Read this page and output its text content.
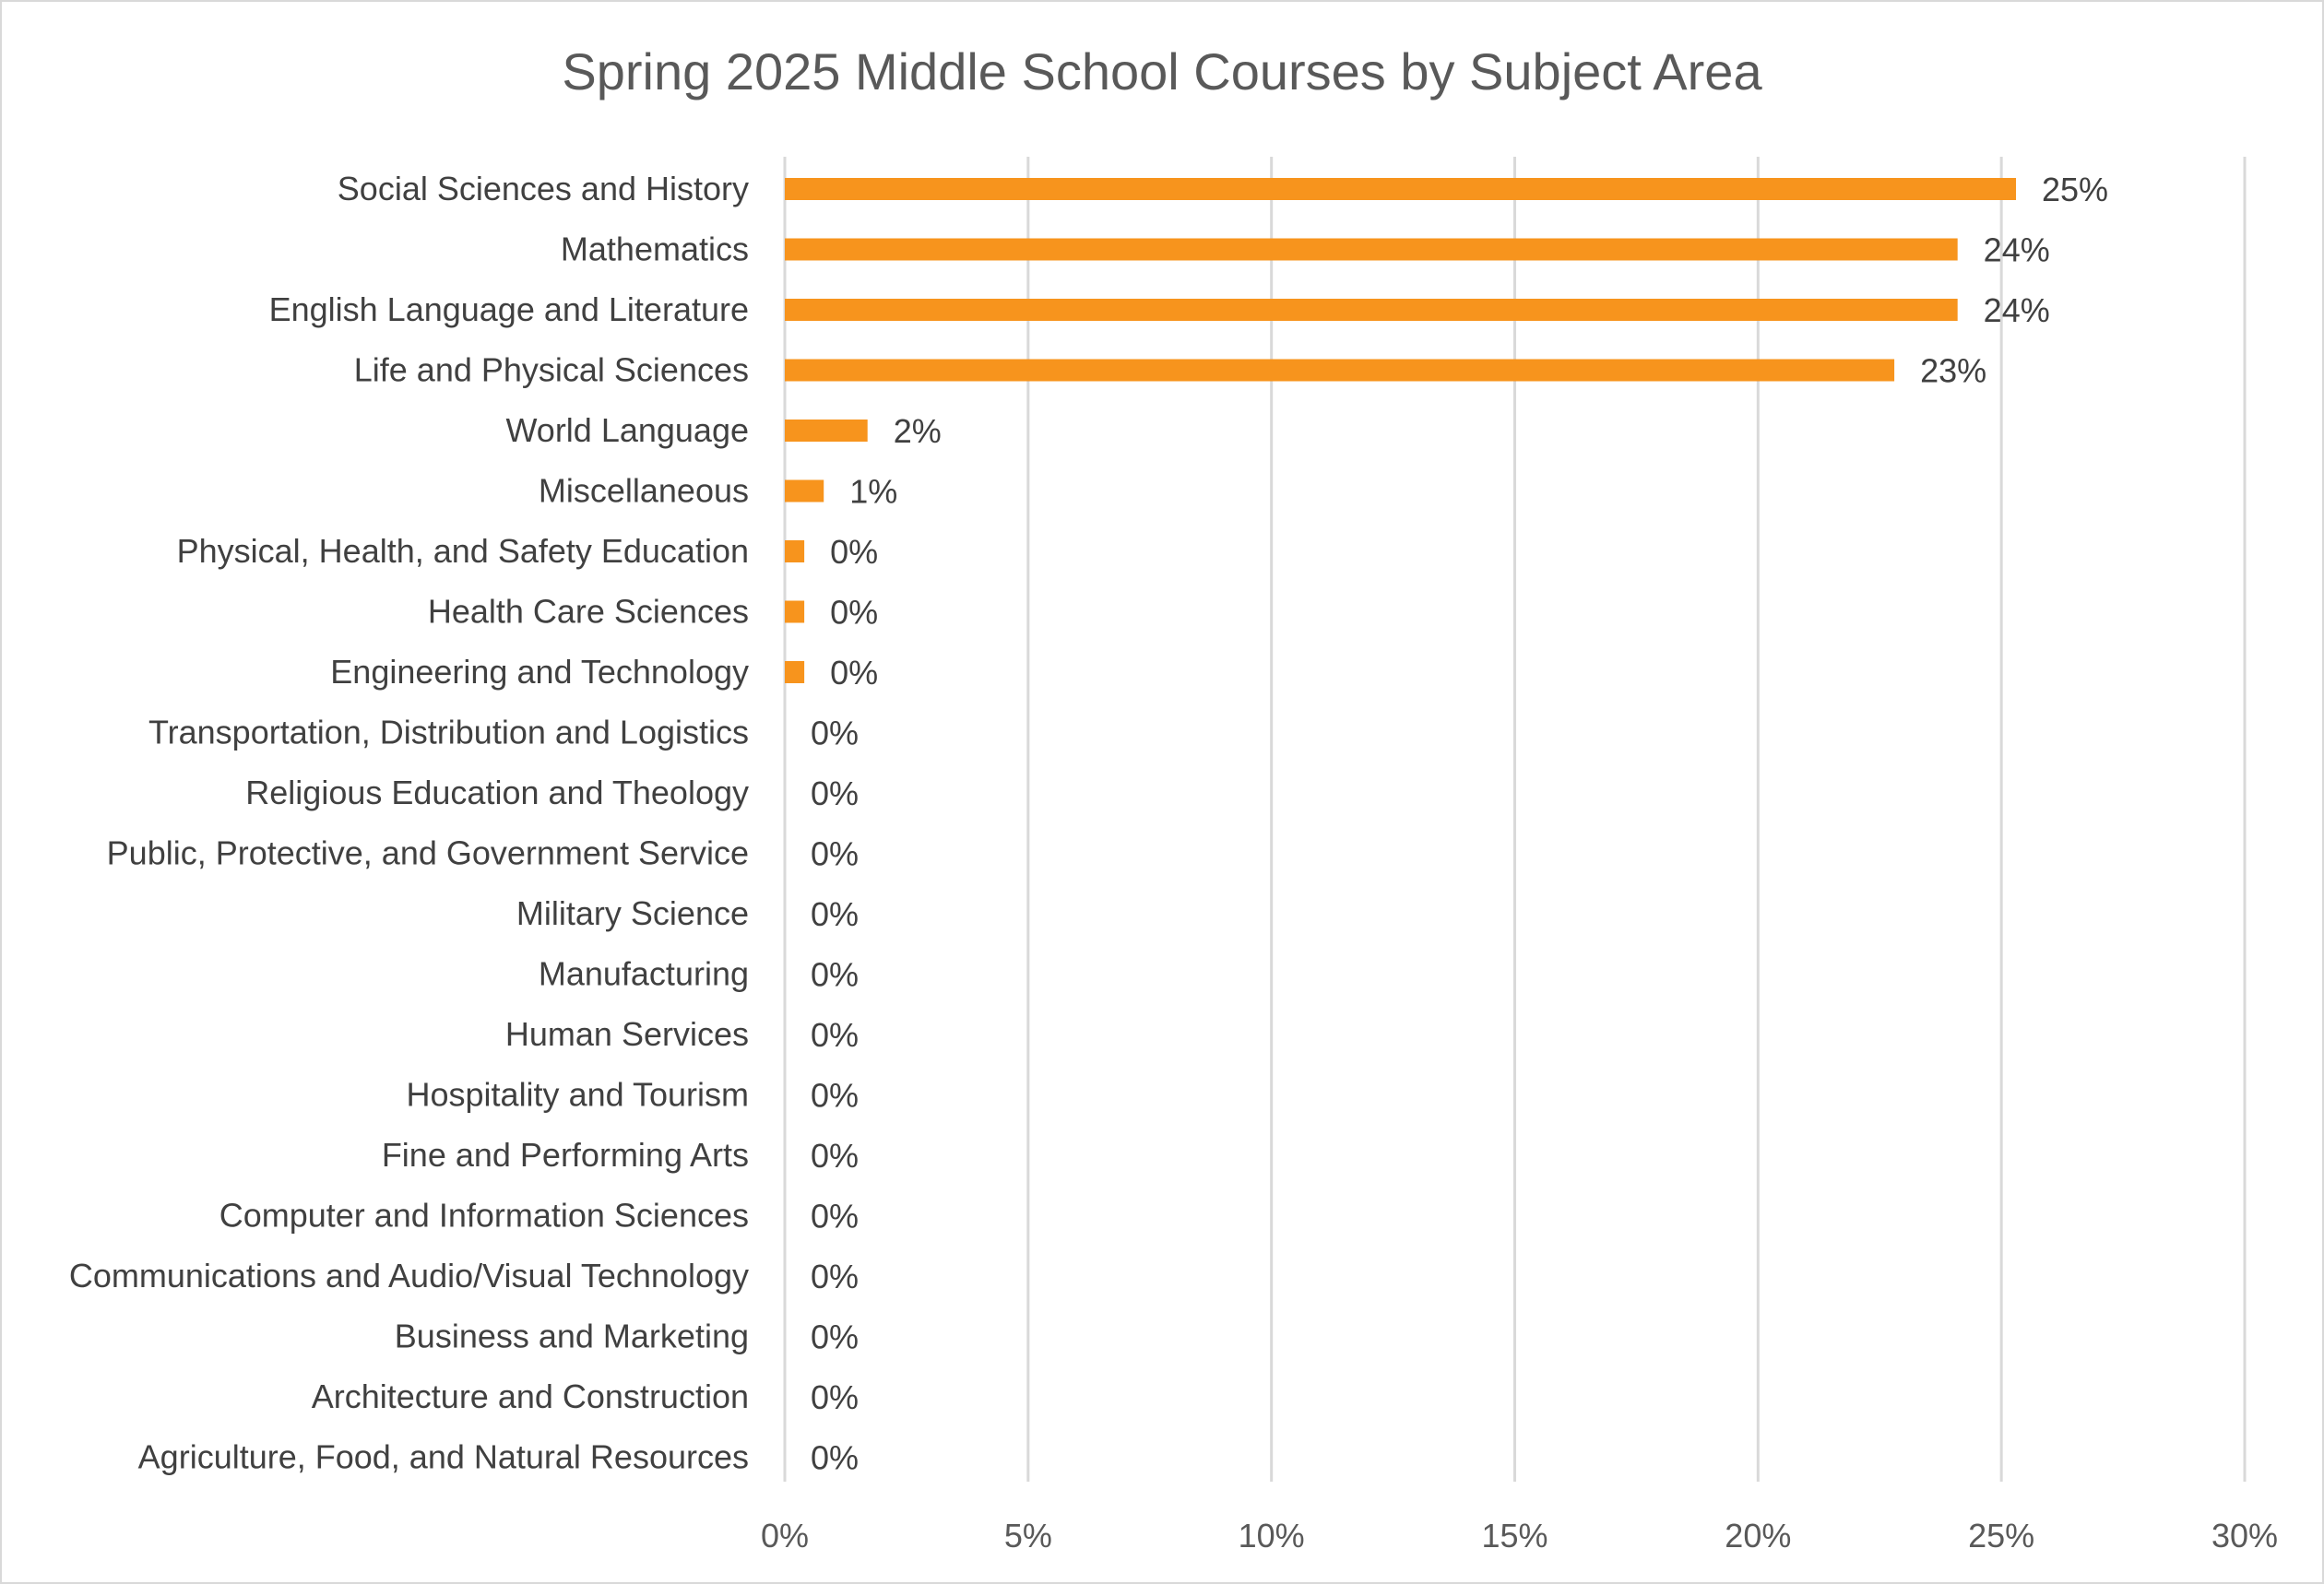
Spring 2025 Middle School Courses by Subject Area
Social Sciences and History
Mathematics
English Language and Literature
Life and Physical Sciences
World Language
Miscellaneous
Physical, Health, and Safety Education
Health Care Sciences
Engineering and Technology
Transportation, Distribution and Logistics
Religious Education and Theology
Public, Protective, and Government Service
Military Science
Manufacturing
Human Services
Hospitality and Tourism
Fine and Performing Arts
Computer and Information Sciences
Communications and Audio/Visual Technology
Business and Marketing
Architecture and Construction
Agriculture, Food, and Natural Resources
25%
24%
24%
23%
2%
1%
0%
0%
0%
0%
0%
0%
0%
0%
0%
0%
0%
0%
0%
0%
0%
0%
0%	5%	10%	15%	20%	25%	30%
